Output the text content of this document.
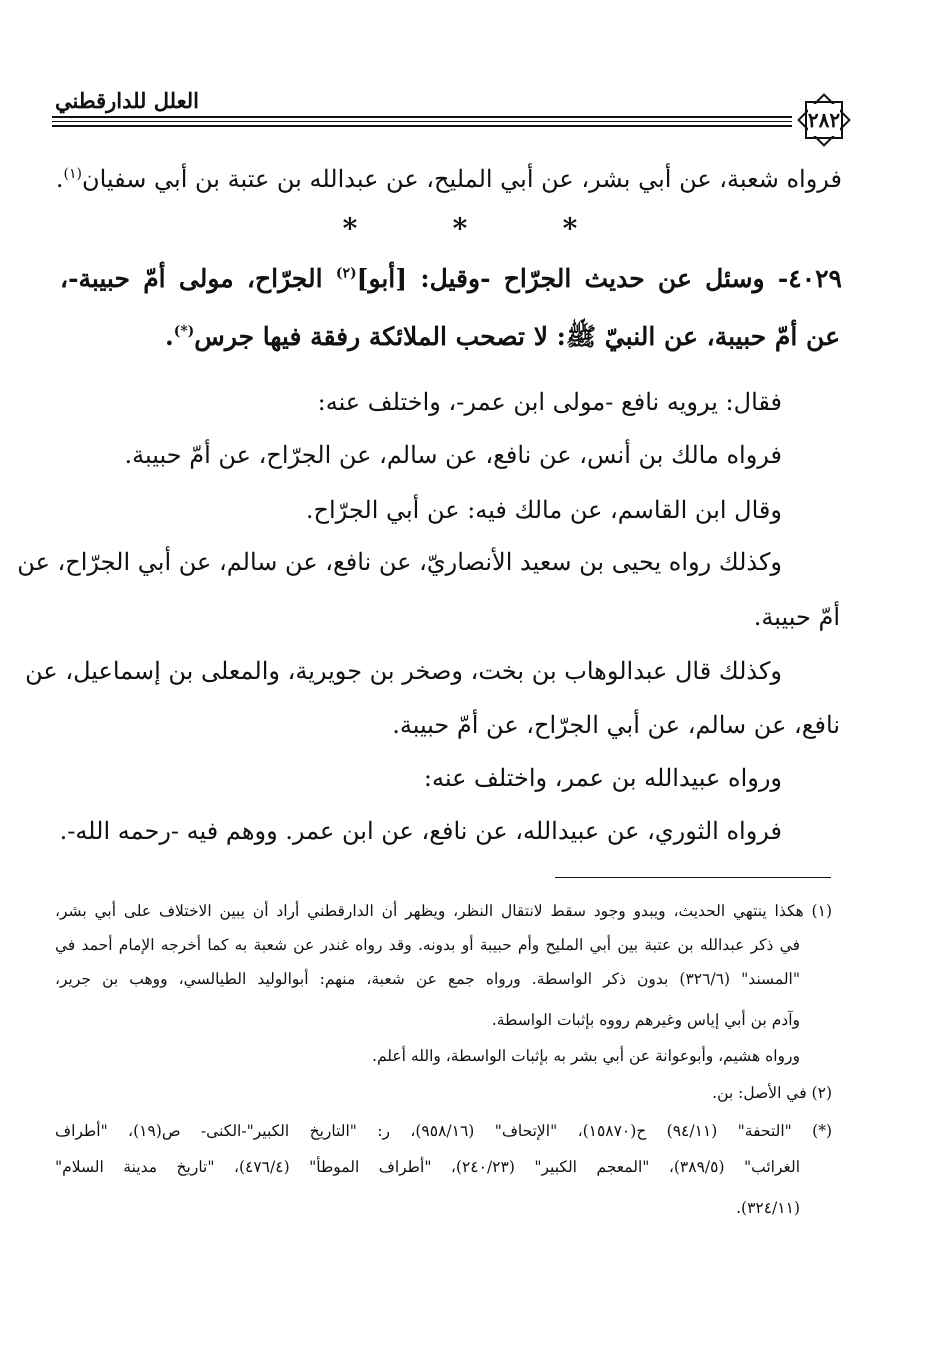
العلل للدارقطني
٢٨٢
فرواه شعبة، عن أبي بشر، عن أبي المليح، عن عبدالله بن عتبة بن أبي سفيان$^{(١)}$.
*
*
*
٤٠٢٩- وسئل عن حديث الجرّاح -وقيل: [أبو]$^{(٢)}$ الجرّاح، مولى أمّ حبيبة-،
عن أمّ حبيبة، عن النبيّ ﷺ: لا تصحب الملائكة رفقة فيها جرس(*).
فقال: يرويه نافع -مولى ابن عمر-، واختلف عنه:
فرواه مالك بن أنس، عن نافع، عن سالم، عن الجرّاح، عن أمّ حبيبة.
وقال ابن القاسم، عن مالك فيه: عن أبي الجرّاح.
وكذلك رواه يحيى بن سعيد الأنصاريّ، عن نافع، عن سالم، عن أبي الجرّاح، عن
أمّ حبيبة.
وكذلك قال عبدالوهاب بن بخت، وصخر بن جويرية، والمعلى بن إسماعيل، عن
نافع، عن سالم، عن أبي الجرّاح، عن أمّ حبيبة.
ورواه عبيدالله بن عمر، واختلف عنه:
فرواه الثوري، عن عبيدالله، عن نافع، عن ابن عمر. ووهم فيه -رحمه الله-.
(١) هكذا ينتهي الحديث، ويبدو وجود سقط لانتقال النظر، ويظهر أن الدارقطني أراد أن يبين الاختلاف على أبي بشر،
في ذكر عبدالله بن عتبة بين أبي المليح وأم حبيبة أو بدونه. وقد رواه غندر عن شعبة به كما أخرجه الإمام أحمد في
"المسند" (٣٢٦/٦) بدون ذكر الواسطة. ورواه جمع عن شعبة، منهم: أبوالوليد الطيالسي، ووهب بن جرير،
وآدم بن أبي إياس وغيرهم رووه بإثبات الواسطة.
ورواه هشيم، وأبوعوانة عن أبي بشر به بإثبات الواسطة، والله أعلم.
(٢) في الأصل: بن.
(*) "التحفة" (٩٤/١١) ح(١٥٨٧٠)، "الإتحاف" (٩٥٨/١٦)، ر: "التاريخ الكبير"-الكنى- ص(١٩)، "أطراف
الغرائب" (٣٨٩/٥)، "المعجم الكبير" (٢٤٠/٢٣)، "أطراف الموطأ" (٤٧٦/٤)، "تاريخ مدينة السلام"
(٣٢٤/١١).
